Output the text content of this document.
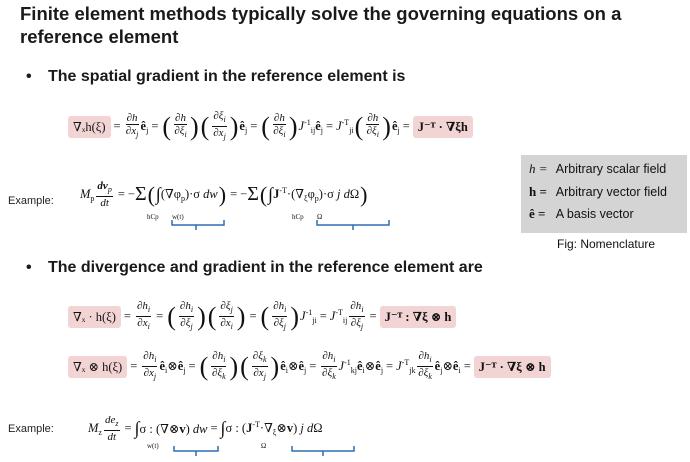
Finite element methods typically solve the governing equations on a reference element
• The spatial gradient in the reference element is
$\nabla_xh(\xi) = \frac{\partial h}{\partial x_j}$ $ê_j$ = ( $\frac{\partial h}{\partial\xi_i}$ ) ( $\frac{\partial\xi_i}{\partial x_j}$ ) $ê_j$ = ( $\frac{\partial h}{\partial\xi_i}$ ) $J^{-1}_{ij}ê_j = J^{-T}_{ji}$ ( $\frac{\partial h}{\partial\xi_i}$ ) $ê_j$ = J⁻ᵀ · ∇ξh
h = Arbitrary scalar field
h = Arbitrary vector field
ê = A basis vector
Fig: Nomenclature
Example:
$M_p \frac{dv_p}{dt}$ = − Σ ( ∫ $(\nabla\varphi_p)\cdot\sigma$ dw ) = − Σ ( ∫ $J^{-T}\cdot(\nabla_\xi\varphi_p)\cdot\sigma$ j dΩ )
hCp w(t)	hCp Ω
• The divergence and gradient in the reference element are
$\nabla_x \cdot h(\xi) = \frac{\partial h_i}{\partial x_i}$ = ( $\frac{\partial h_i}{\partial\xi_j}$ ) ( $\frac{\partial\xi_j}{\partial x_i}$ ) = ( $\frac{\partial h_i}{\partial\xi_j}$ ) $J^{-1}_{ji} = J^{-T}_{ij} \frac{\partial h_i}{\partial\xi_j}$ = J⁻ᵀ : ∇ξ ⊗ h
∇ₓ ⊗ $h(\xi) = \frac{\partial h_i}{\partial x_j}$ $ê_i\otimes ê_j$ = ( $\frac{\partial h_i}{\partial\xi_k}$ ) ( $\frac{\partial\xi_k}{\partial x_j}$ ) $ê_i\otimes ê_j = \frac{\partial h_i}{\partial\xi_k}$ $J^{-1}_{kj}ê_i\otimes ê_j = J^{-T}_{jk} \frac{\partial h_i}{\partial\xi_k}$ $ê_j\otimes ê_i$ = J⁻ᵀ · ∇ξ ⊗ h
Example:	$M_z \frac{de_z}{dt}$ = ∫ σ : (∇⊗v) dw = ∫ σ : $(J^{-T}\cdot\nabla_\xi\otimes v)$ j dΩ
w(t)	Ω
